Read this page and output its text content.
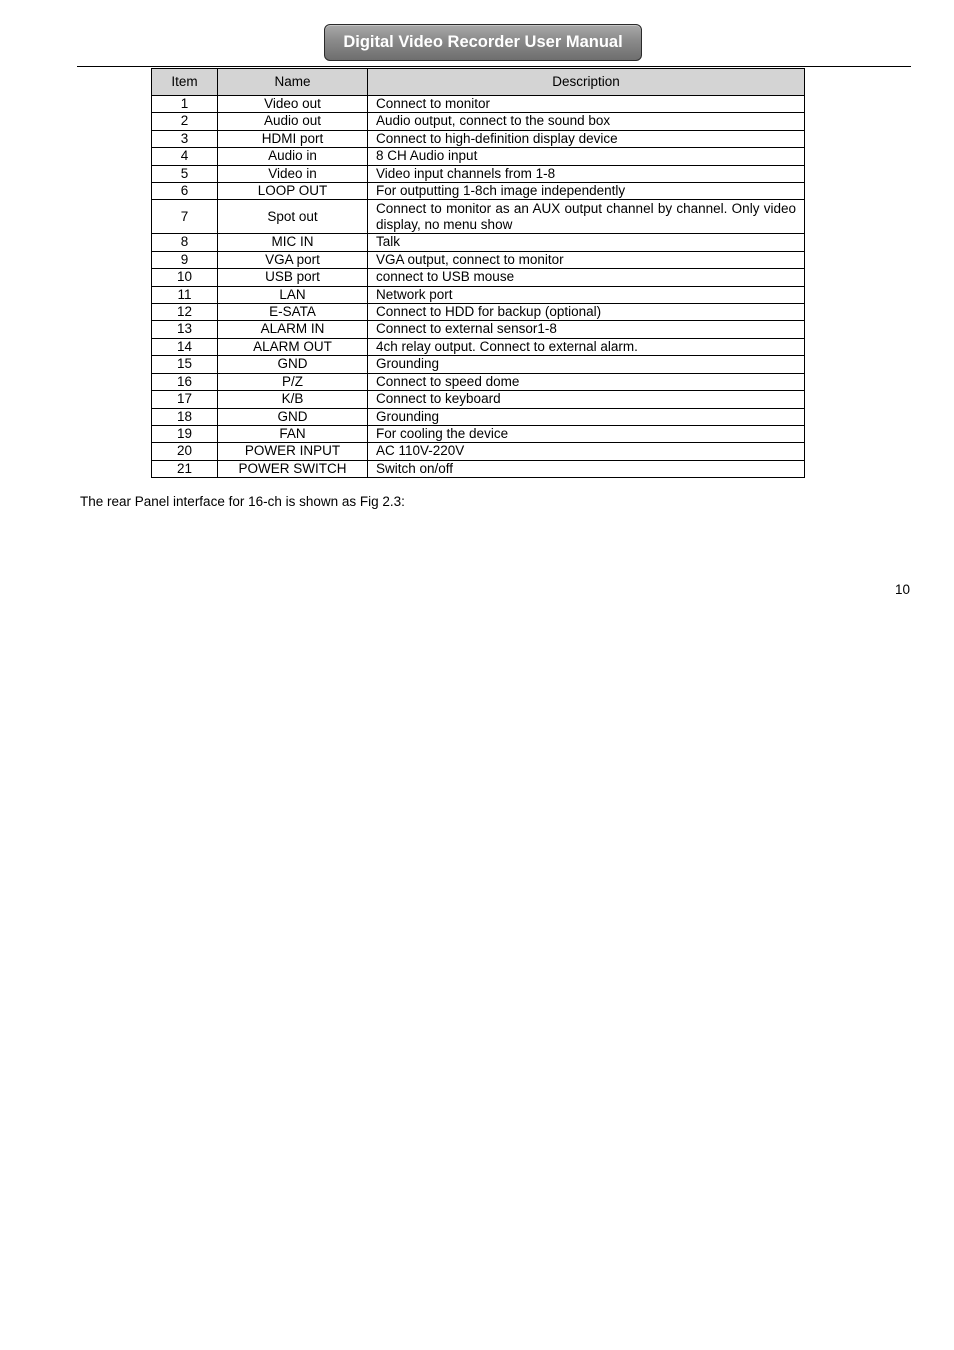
Digital Video Recorder User Manual
Item	Name	Description
1	Video out	Connect to monitor
2	Audio out	Audio output, connect to the sound box
3	HDMI port	Connect to high-definition display device
4	Audio in	8 CH Audio input
5	Video in	Video input channels from 1-8
6	LOOP OUT	For outputting 1-8ch image independently
7	Spot out	Connect to monitor as an AUX output channel by channel. Only video display, no menu show
8	MIC IN	Talk
9	VGA port	VGA output, connect to monitor
10	USB port	connect to USB mouse
11	LAN	Network port
12	E-SATA	Connect to HDD for backup (optional)
13	ALARM IN	Connect to external sensor1-8
14	ALARM OUT	4ch relay output. Connect to external alarm.
15	GND	Grounding
16	P/Z	Connect to speed dome
17	K/B	Connect to keyboard
18	GND	Grounding
19	FAN	For cooling the device
20	POWER INPUT	AC 110V-220V
21	POWER SWITCH	Switch on/off
The rear Panel interface for 16-ch is shown as Fig 2.3:
10
